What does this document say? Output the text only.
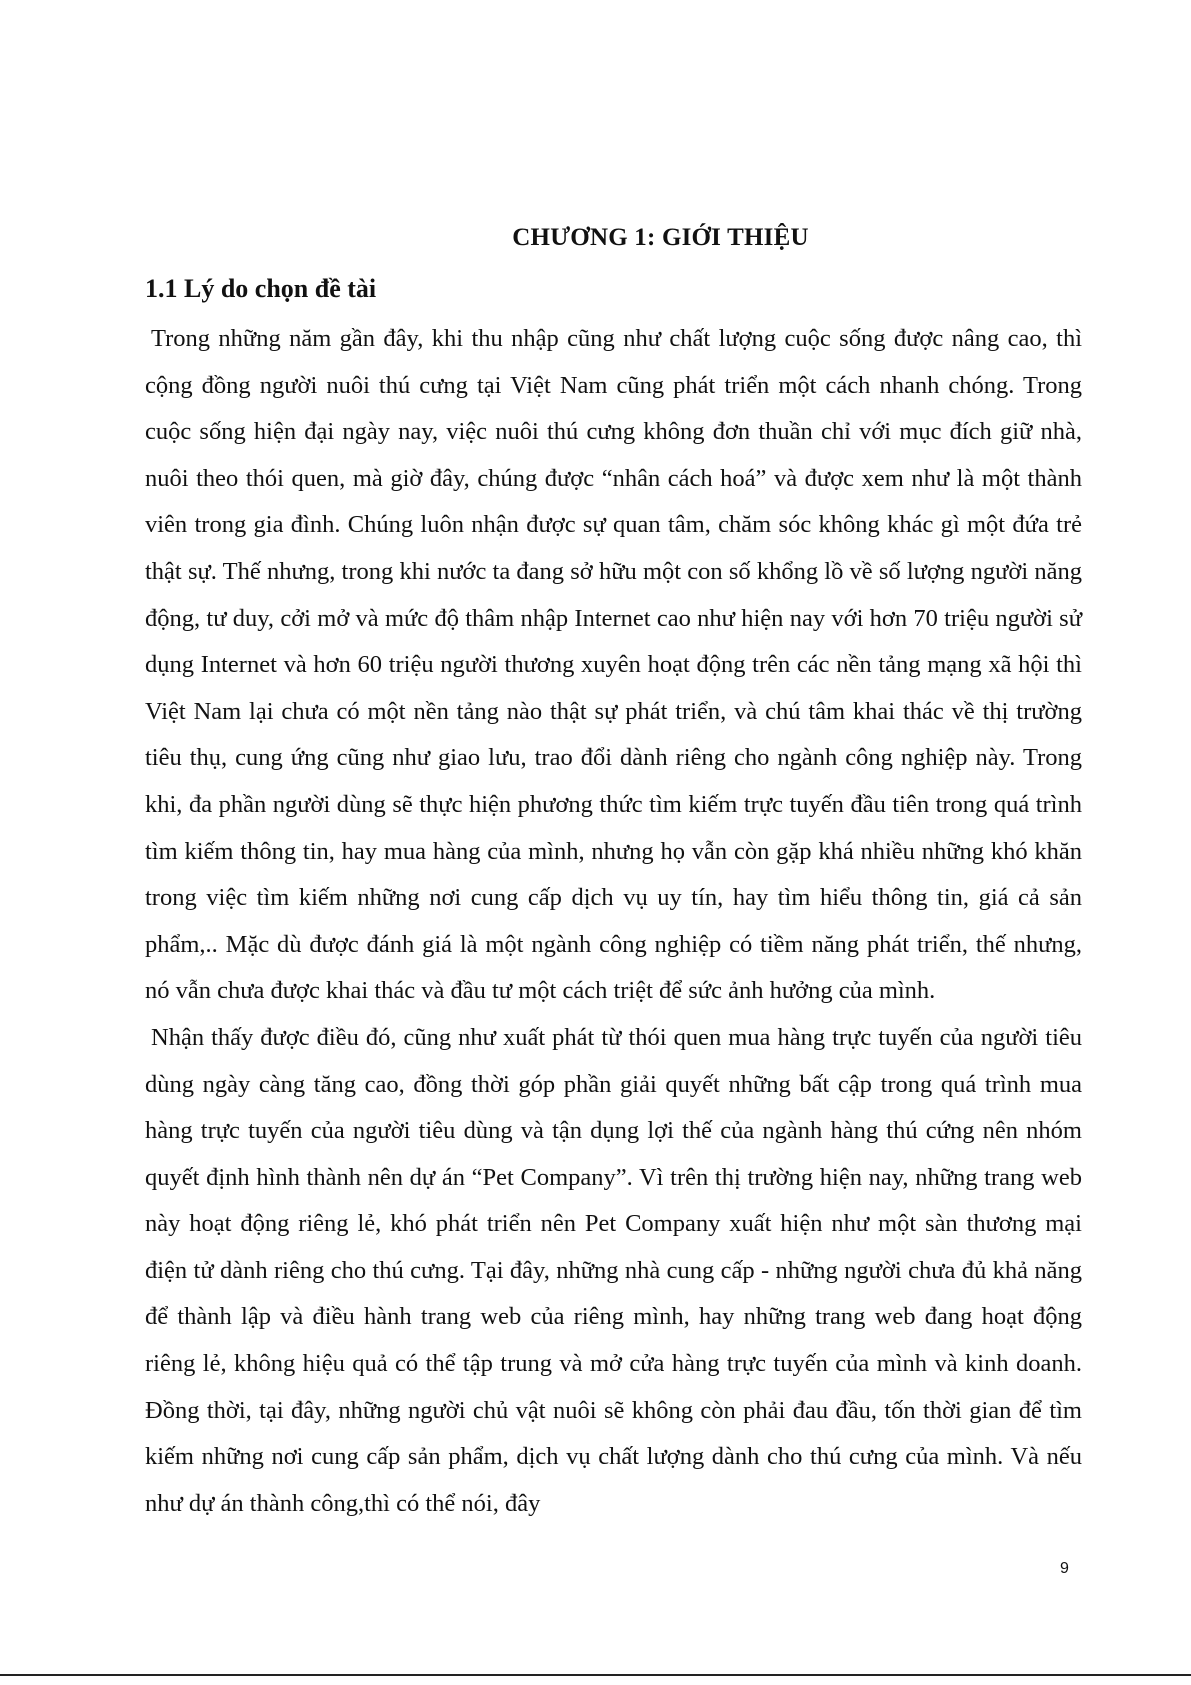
CHƯƠNG 1: GIỚI THIỆU
1.1 Lý do chọn đề tài

Trong những năm gần đây, khi thu nhập cũng như chất lượng cuộc sống được nâng cao, thì cộng đồng người nuôi thú cưng tại Việt Nam cũng phát triển một cách nhanh chóng. Trong cuộc sống hiện đại ngày nay, việc nuôi thú cưng không đơn thuần chỉ với mục đích giữ nhà, nuôi theo thói quen, mà giờ đây, chúng được “nhân cách hoá” và được xem như là một thành viên trong gia đình. Chúng luôn nhận được sự quan tâm, chăm sóc không khác gì một đứa trẻ thật sự. Thế nhưng, trong khi nước ta đang sở hữu một con số khổng lồ về số lượng người năng động, tư duy, cởi mở và mức độ thâm nhập Internet cao như hiện nay với hơn 70 triệu người sử dụng Internet và hơn 60 triệu người thương xuyên hoạt động trên các nền tảng mạng xã hội thì Việt Nam lại chưa có một nền tảng nào thật sự phát triển, và chú tâm khai thác về thị trường tiêu thụ, cung ứng cũng như giao lưu, trao đổi dành riêng cho ngành công nghiệp này. Trong khi, đa phần người dùng sẽ thực hiện phương thức tìm kiếm trực tuyến đầu tiên trong quá trình tìm kiếm thông tin, hay mua hàng của mình, nhưng họ vẫn còn gặp khá nhiều những khó khăn trong việc tìm kiếm những nơi cung cấp dịch vụ uy tín, hay tìm hiểu thông tin, giá cả sản phẩm,.. Mặc dù được đánh giá là một ngành công nghiệp có tiềm năng phát triển, thế nhưng, nó vẫn chưa được khai thác và đầu tư một cách triệt để sức ảnh hưởng của mình.

Nhận thấy được điều đó, cũng như xuất phát từ thói quen mua hàng trực tuyến của người tiêu dùng ngày càng tăng cao, đồng thời góp phần giải quyết những bất cập trong quá trình mua hàng trực tuyến của người tiêu dùng và tận dụng lợi thế của ngành hàng thú cứng nên nhóm quyết định hình thành nên dự án “Pet Company”. Vì trên thị trường hiện nay, những trang web này hoạt động riêng lẻ, khó phát triển nên Pet Company xuất hiện như một sàn thương mại điện tử dành riêng cho thú cưng. Tại đây, những nhà cung cấp - những người chưa đủ khả năng để thành lập và điều hành trang web của riêng mình, hay những trang web đang hoạt động riêng lẻ, không hiệu quả có thể tập trung và mở cửa hàng trực tuyến của mình và kinh doanh. Đồng thời, tại đây, những người chủ vật nuôi sẽ không còn phải đau đầu, tốn thời gian để tìm kiếm những nơi cung cấp sản phẩm, dịch vụ chất lượng dành cho thú cưng của mình. Và nếu như dự án thành công,thì có thể nói, đây

9
